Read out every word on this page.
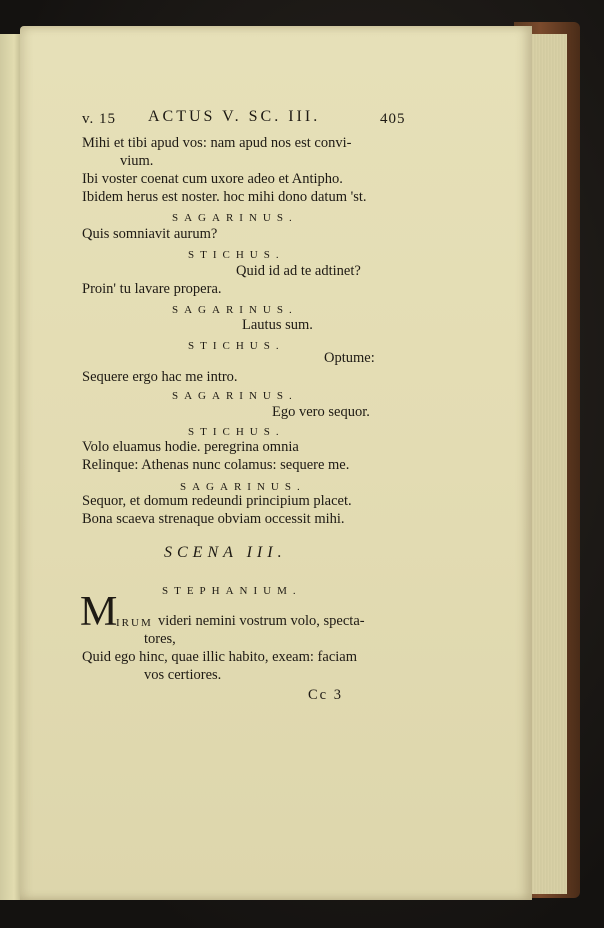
v. 15 ACTUS V. SC. III.	405
Mihi et tibi apud vos: nam apud nos est convi-
vium.
Ibi voster coenat cum uxore adeo et Antipho.
Ibidem herus est noster. hoc mihi dono datum 'st.
SAGARINUS.
Quis somniavit aurum?
STICHUS.
Quid id ad te adtinet?
Proin' tu lavare propera.
SAGARINUS.
Lautus sum.
STICHUS.
Optume:
Sequere ergo hac me intro.
SAGARINUS.
Ego vero sequor.
STICHUS.
Volo eluamus hodie. peregrina omnia
Relinque: Athenas nunc colamus: sequere me.
SAGARINUS.
Sequor, et domum redeundi principium placet.
Bona scaeva strenaque obviam occessit mihi.
SCENA III.
STEPHANIUM.
M
IRUM videri nemini vostrum volo, specta-
tores,
Quid ego hinc, quae illic habito, exeam: faciam
vos certiores.
Cc 3
